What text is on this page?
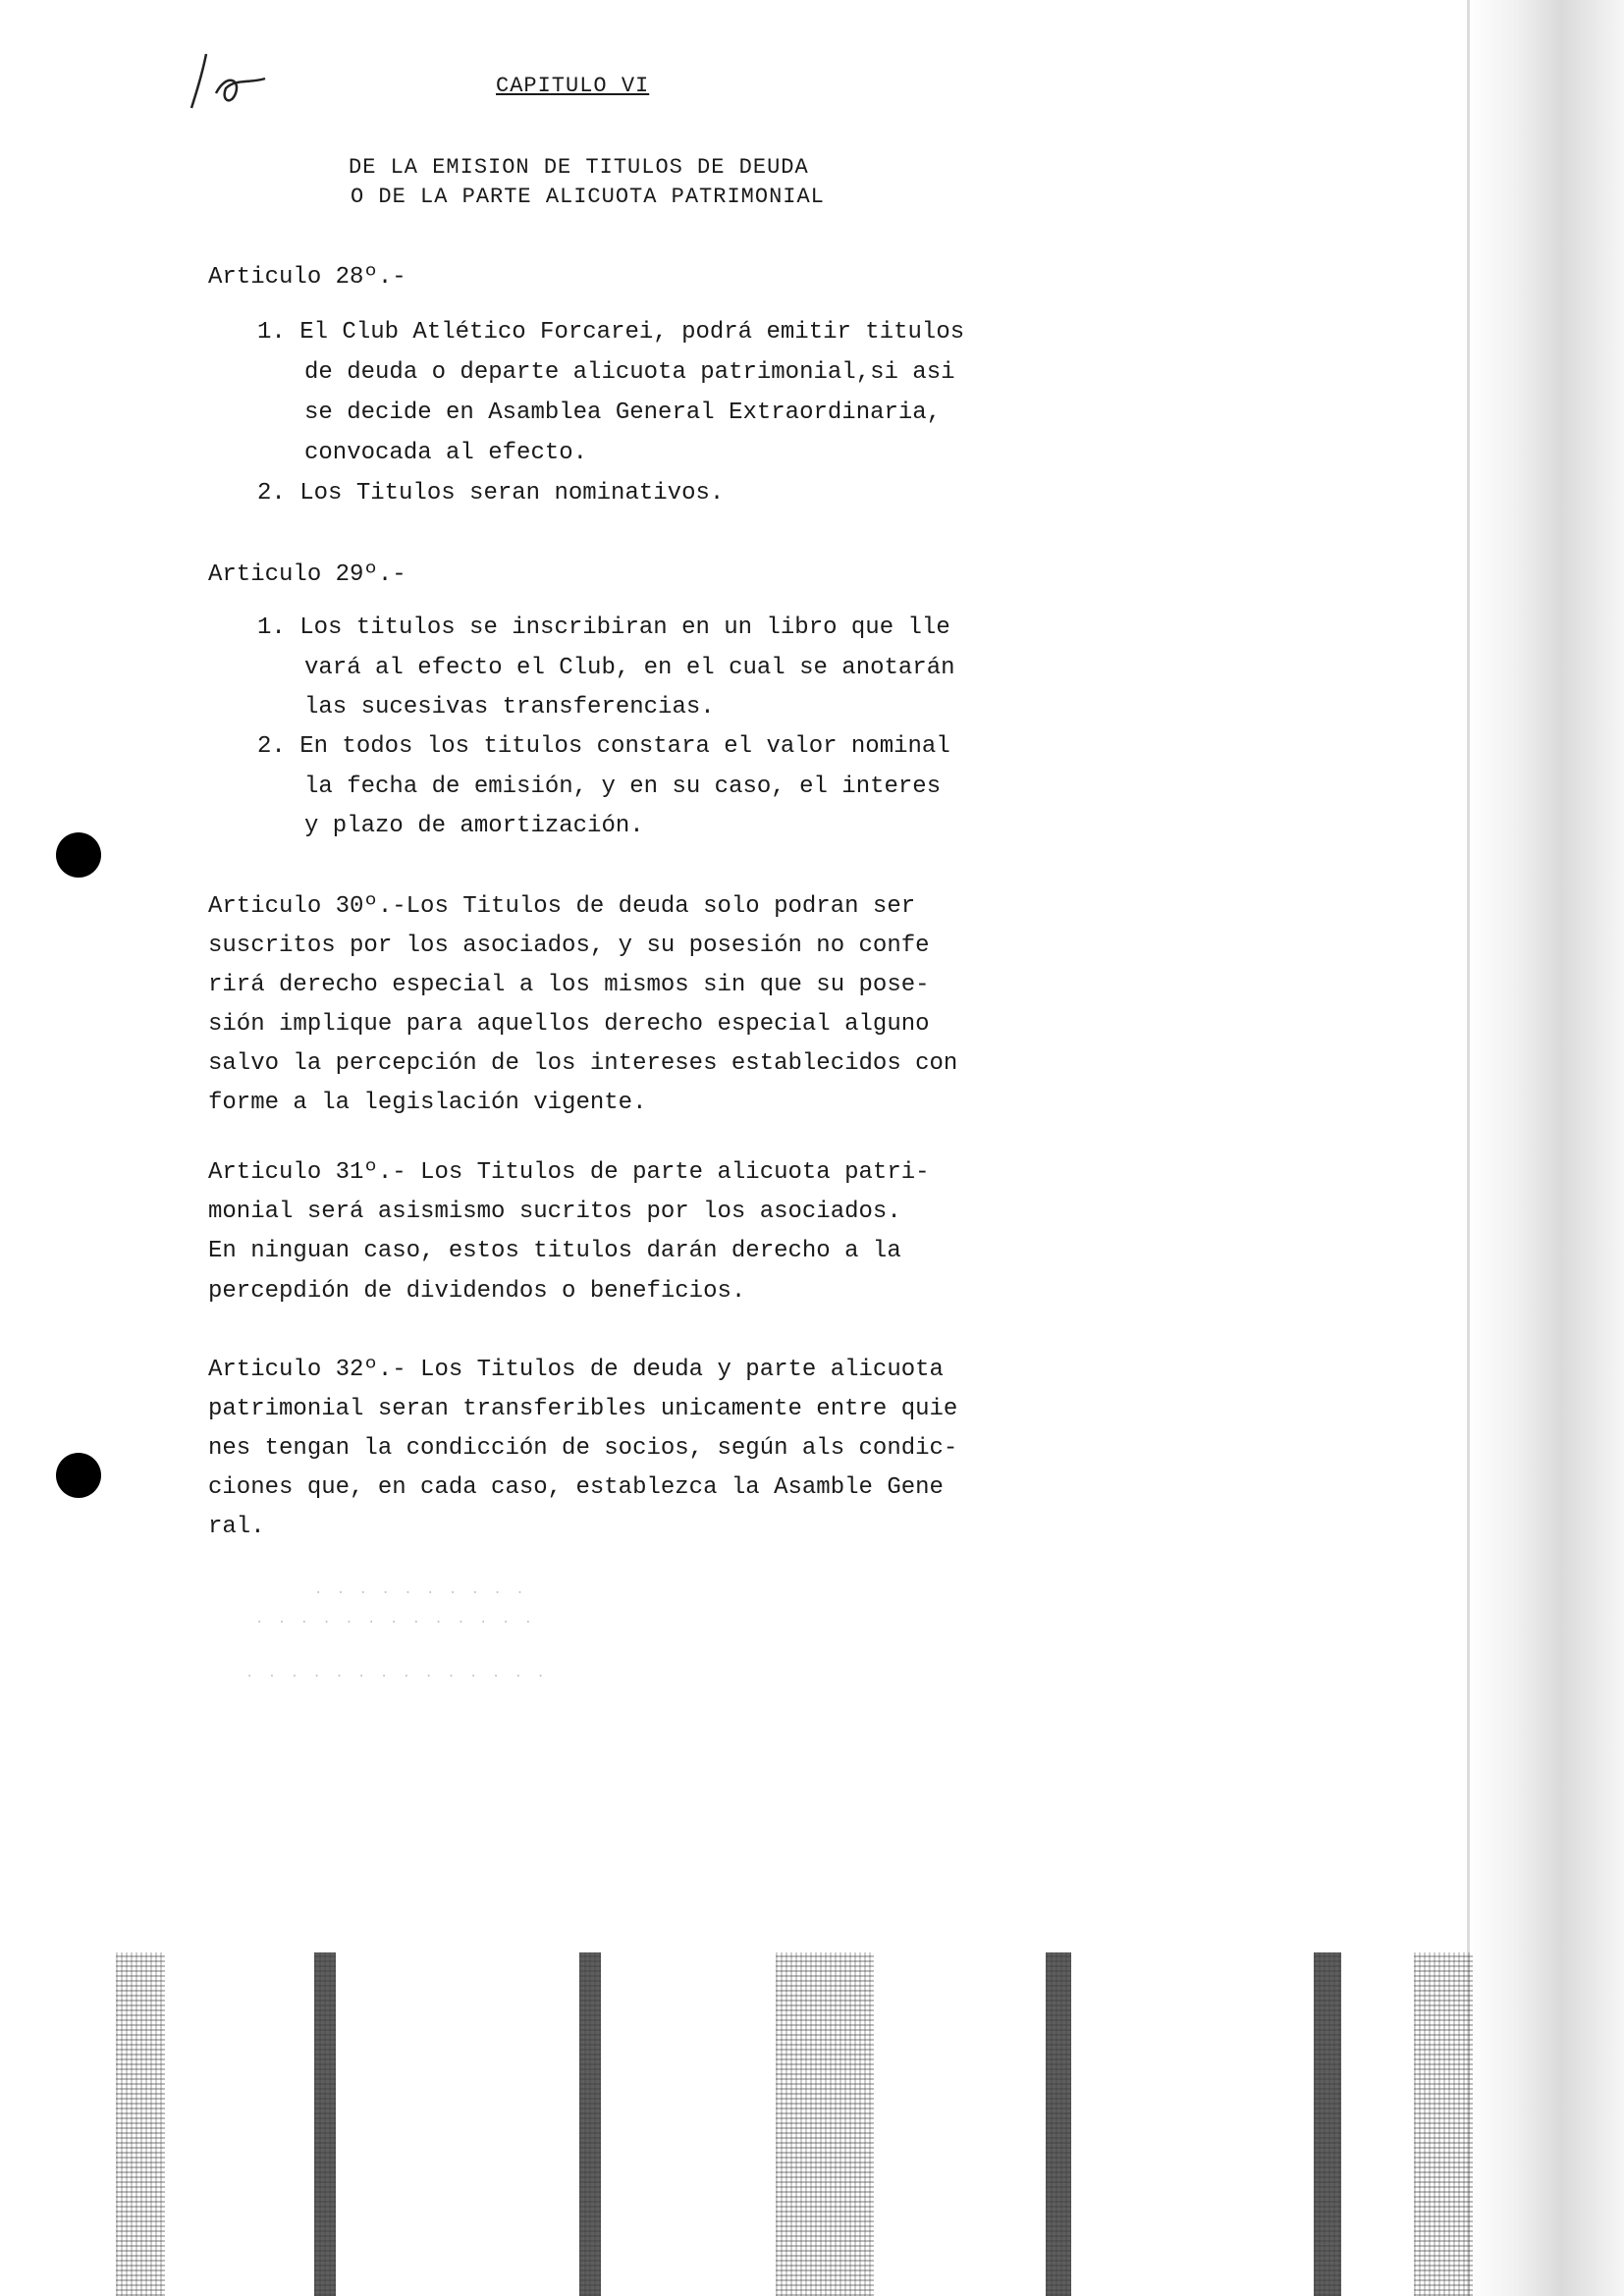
· · · · · · · · · ·
· · · · · · · · · · · · ·
· · · · · · · · · · · · · ·
CAPITULO VI
DE LA EMISION DE TITULOS DE DEUDA
O DE LA PARTE ALICUOTA PATRIMONIAL
Articulo 28º.-
1. El Club Atlético Forcarei, podrá emitir titulos
de deuda o departe alicuota patrimonial,si asi
se decide en Asamblea General Extraordinaria,
convocada al efecto.
2. Los Titulos seran nominativos.
Articulo 29º.-
1. Los titulos se inscribiran en un libro que lle
vará al efecto el Club, en el cual se anotarán
las sucesivas transferencias.
2. En todos los titulos constara el valor nominal
la fecha de emisión, y en su caso, el interes
y plazo de amortización.
Articulo 30º.-Los Titulos de deuda solo podran ser
suscritos por los asociados, y su posesión no confe
rirá derecho especial a los mismos sin que su pose-
sión implique para aquellos derecho especial alguno
salvo la percepción de los intereses establecidos con
forme a la legislación vigente.
Articulo 31º.- Los Titulos de parte alicuota patri-
monial será asismismo sucritos por los asociados.
En ninguan caso, estos titulos darán derecho a la
percepdión de dividendos o beneficios.
Articulo 32º.- Los Titulos de deuda y parte alicuota
patrimonial seran transferibles unicamente entre quie
nes tengan la condicción de socios, según als condic-
ciones que, en cada caso, establezca la Asamble Gene
ral.
